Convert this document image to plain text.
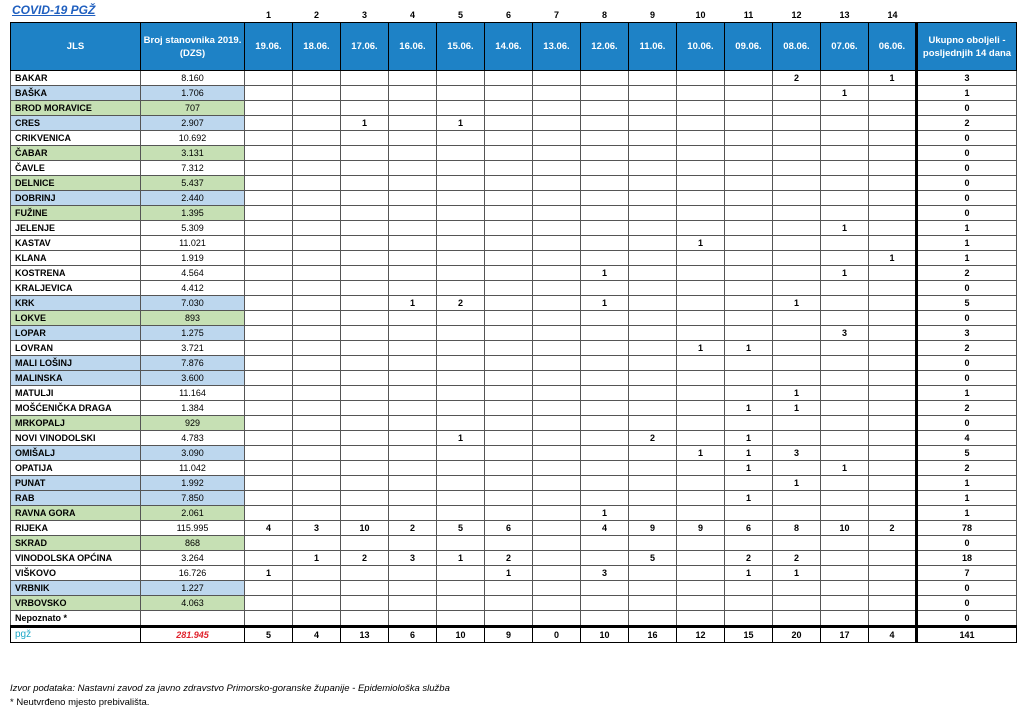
COVID-19 PGŽ
			1	2	3	4	5	6	7	8	9	10	11	12	13	14	
JLS	Broj stanovnika 2019. (DZS)	19.06.	18.06.	17.06.	16.06.	15.06.	14.06.	13.06.	12.06.	11.06.	10.06.	09.06.	08.06.	07.06.	06.06.	Ukupno oboljeli - posljednjih 14 dana
BAKAR	8.160												2		1	3
BAŠKA	1.706													1		1
BROD MORAVICE	707															0
CRES	2.907			1		1										2
CRIKVENICA	10.692															0
ČABAR	3.131															0
ČAVLE	7.312															0
DELNICE	5.437															0
DOBRINJ	2.440															0
FUŽINE	1.395															0
JELENJE	5.309													1		1
KASTAV	11.021										1					1
KLANA	1.919														1	1
KOSTRENA	4.564								1					1		2
KRALJEVICA	4.412															0
KRK	7.030				1	2			1				1			5
LOKVE	893															0
LOPAR	1.275													3		3
LOVRAN	3.721										1	1				2
MALI LOŠINJ	7.876															0
MALINSKA	3.600															0
MATULJI	11.164												1			1
MOŠĆENIČKA DRAGA	1.384											1	1			2
MRKOPALJ	929															0
NOVI VINODOLSKI	4.783					1				2		1				4
OMIŠALJ	3.090										1	1	3			5
OPATIJA	11.042											1		1		2
PUNAT	1.992												1			1
RAB	7.850											1				1
RAVNA GORA	2.061								1							1
RIJEKA	115.995	4	3	10	2	5	6		4	9	9	6	8	10	2	78
SKRAD	868															0
VINODOLSKA OPĆINA	3.264		1	2	3	1	2			5		2	2			18
VIŠKOVO	16.726	1					1		3			1	1			7
VRBNIK	1.227															0
VRBOVSKO	4.063															0
Nepoznato *																0
pgž	281.945	5	4	13	6	10	9	0	10	16	12	15	20	17	4	141
Izvor podataka: Nastavni zavod za javno zdravstvo Primorsko-goranske županije - Epidemiološka služba
* Neutvrđeno mjesto prebivališta.
